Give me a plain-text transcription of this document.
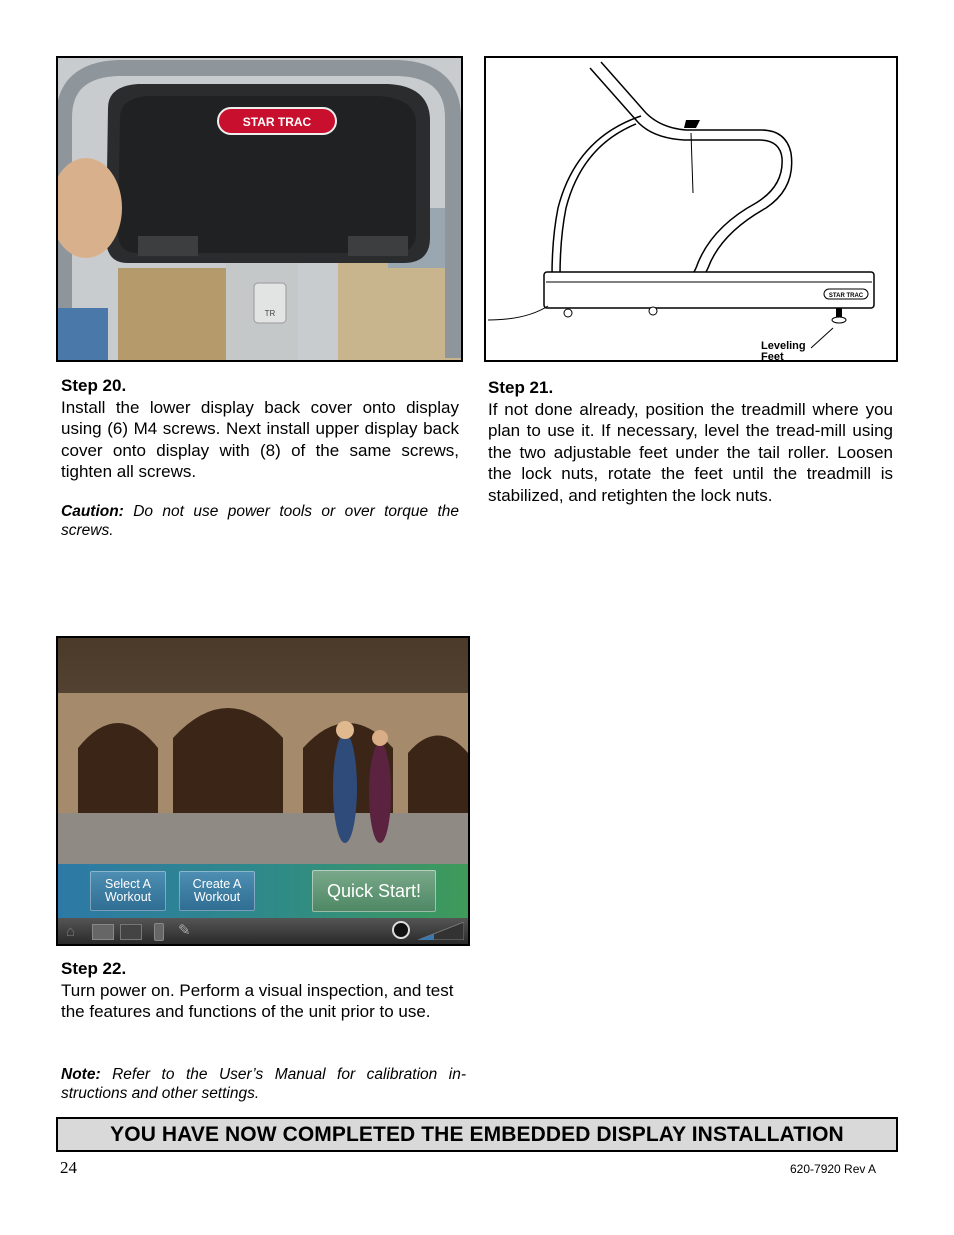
TR
STAR TRAC
STAR TRAC
Leveling
Feet
Step 20.
Install the lower display back cover onto display using (6) M4 screws. Next install upper display back cover onto display with (8) of the same screws, tighten all screws.
Caution: Do not use power tools or over torque the screws.
Step 21.
If not done already, position the treadmill where you plan to use it. If necessary, level the tread-mill using the two adjustable feet under the tail roller. Loosen the lock nuts, rotate the feet until the treadmill is stabilized, and retighten the lock nuts.
Select A
Workout
Create A
Workout	Quick Start!
⌂	✎
Step 22.
Turn power on. Perform a visual inspection, and test the features and functions of the unit prior to use.
Note: Refer to the User’s Manual for calibration in-structions and other settings.
YOU HAVE NOW COMPLETED THE EMBEDDED DISPLAY INSTALLATION
24	620-7920 Rev A
